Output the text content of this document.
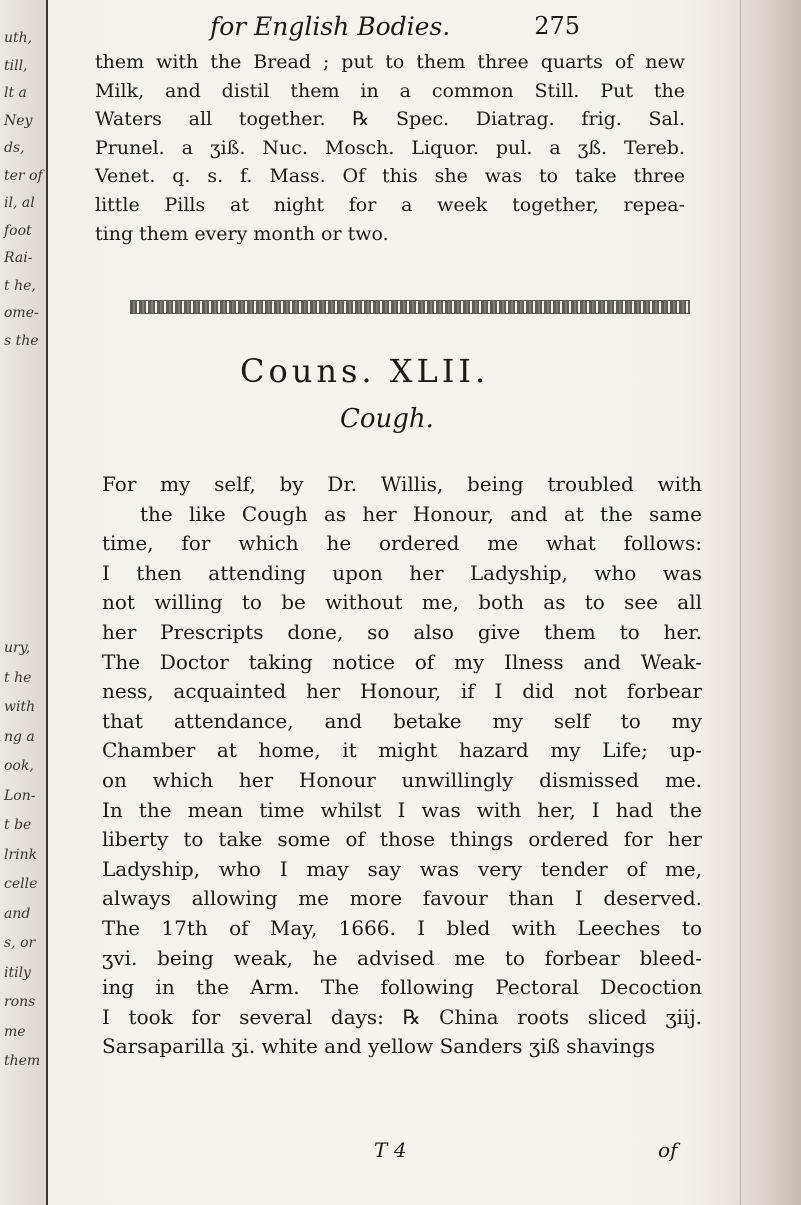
uth,
till,
lt a
Ney
ds,
ter of
il, al
foot
Rai-
t he,
ome-
s the
ury,
t he
with
ng a
ook,
Lon-
t be
lrink
celle
and
s, or
itily
rons
me
them
for English Bodies.	275
them with the Bread ; put to them three quarts of new
Milk, and distil them in a common Still. Put the
Waters all together. ℞ Spec. Diatrag. frig. Sal.
Prunel. a ʒiß. Nuc. Mosch. Liquor. pul. a ʒß. Tereb.
Venet. q. s. f. Mass. Of this she was to take three
little Pills at night for a week together, repea-
ting them every month or two.
Couns. XLII.
Cough.
For my self, by Dr. Willis, being troubled with
the like Cough as her Honour, and at the same
time, for which he ordered me what follows:
I then attending upon her Ladyship, who was
not willing to be without me, both as to see all
her Prescripts done, so also give them to her.
The Doctor taking notice of my Ilness and Weak-
ness, acquainted her Honour, if I did not forbear
that attendance, and betake my self to my
Chamber at home, it might hazard my Life; up-
on which her Honour unwillingly dismissed me.
In the mean time whilst I was with her, I had the
liberty to take some of those things ordered for her
Ladyship, who I may say was very tender of me,
always allowing me more favour than I deserved.
The 17th of May, 1666. I bled with Leeches to
ʒvi. being weak, he advised me to forbear bleed-
ing in the Arm. The following Pectoral Decoction
I took for several days: ℞ China roots sliced ʒiij.
Sarsaparilla ʒi. white and yellow Sanders ʒiß shavings
T 4	of
